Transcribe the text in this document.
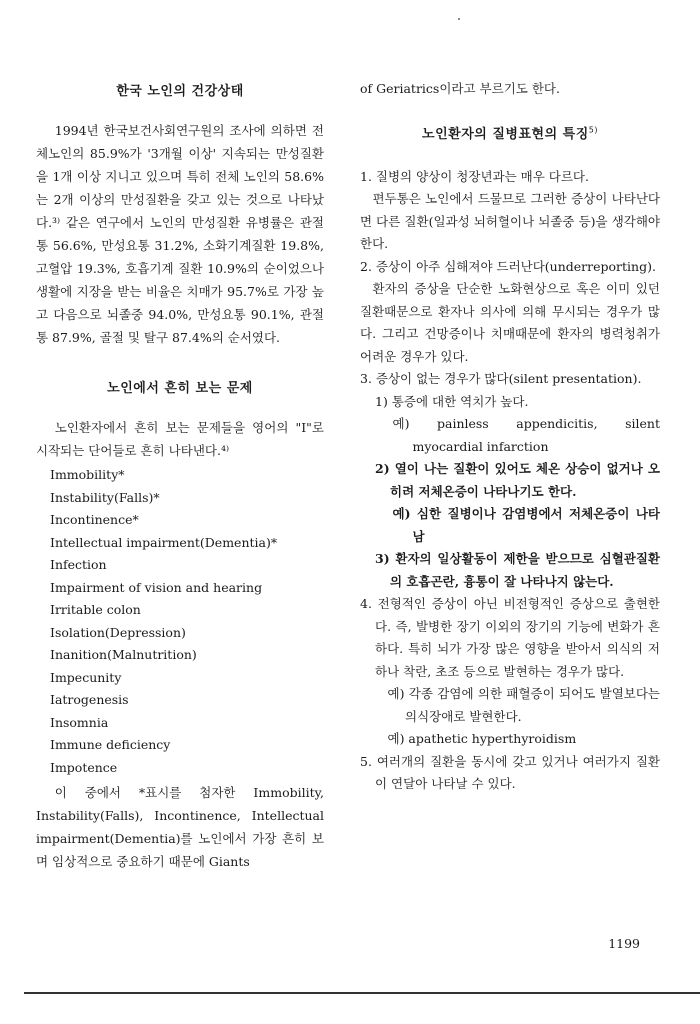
한국 노인의 건강상태

1994년 한국보건사회연구원의 조사에 의하면 전체노인의 85.9%가 '3개월 이상' 지속되는 만성질환을 1개 이상 지니고 있으며 특히 전체 노인의 58.6%는 2개 이상의 만성질환을 갖고 있는 것으로 나타났다.³⁾ 같은 연구에서 노인의 만성질환 유병률은 관절통 56.6%, 만성요통 31.2%, 소화기계질환 19.8%, 고혈압 19.3%, 호흡기계 질환 10.9%의 순이었으나 생활에 지장을 받는 비율은 치매가 95.7%로 가장 높고 다음으로 뇌졸중 94.0%, 만성요통 90.1%, 관절통 87.9%, 골절 및 탈구 87.4%의 순서였다.

노인에서 흔히 보는 문제

노인환자에서 흔히 보는 문제들을 영어의 "I"로 시작되는 단어들로 흔히 나타낸다.⁴⁾

Immobility*
Instability(Falls)*
Incontinence*
Intellectual impairment(Dementia)*
Infection
Impairment of vision and hearing
Irritable colon
Isolation(Depression)
Inanition(Malnutrition)
Impecunity
Iatrogenesis
Insomnia
Immune deficiency
Impotence

이 중에서 *표시를 첨자한 Immobility, Instability(Falls), Incontinence, Intellectual impairment(Dementia)를 노인에서 가장 흔히 보며 임상적으로 중요하기 때문에 Giants

of Geriatrics이라고 부르기도 한다.

노인환자의 질병표현의 특징$^{5)}$

1. 질병의 양상이 청장년과는 매우 다르다.

편두통은 노인에서 드물므로 그러한 증상이 나타난다면 다른 질환(일과성 뇌허혈이나 뇌졸중 등)을 생각해야 한다.

2. 증상이 아주 심해져야 드러난다(underreporting).

환자의 증상을 단순한 노화현상으로 혹은 이미 있던 질환때문으로 환자나 의사에 의해 무시되는 경우가 많다. 그리고 건망증이나 치매때문에 환자의 병력청취가 어려운 경우가 있다.

3. 증상이 없는 경우가 많다(silent presentation).

1) 통증에 대한 역치가 높다.

예) painless appendicitis, silent myocardial infarction

2) 열이 나는 질환이 있어도 체온 상승이 없거나 오히려 저체온증이 나타나기도 한다.

예) 심한 질병이나 감염병에서 저체온증이 나타남

3) 환자의 일상활동이 제한을 받으므로 심혈관질환의 호흡곤란, 흉통이 잘 나타나지 않는다.

4. 전형적인 증상이 아닌 비전형적인 증상으로 출현한다. 즉, 발병한 장기 이외의 장기의 기능에 변화가 흔하다. 특히 뇌가 가장 많은 영향을 받아서 의식의 저하나 착란, 초조 등으로 발현하는 경우가 많다.

예) 각종 감염에 의한 패혈증이 되어도 발열보다는 의식장애로 발현한다.

예) apathetic hyperthyroidism

5. 여러개의 질환을 동시에 갖고 있거나 여러가지 질환이 연달아 나타날 수 있다.

1199
